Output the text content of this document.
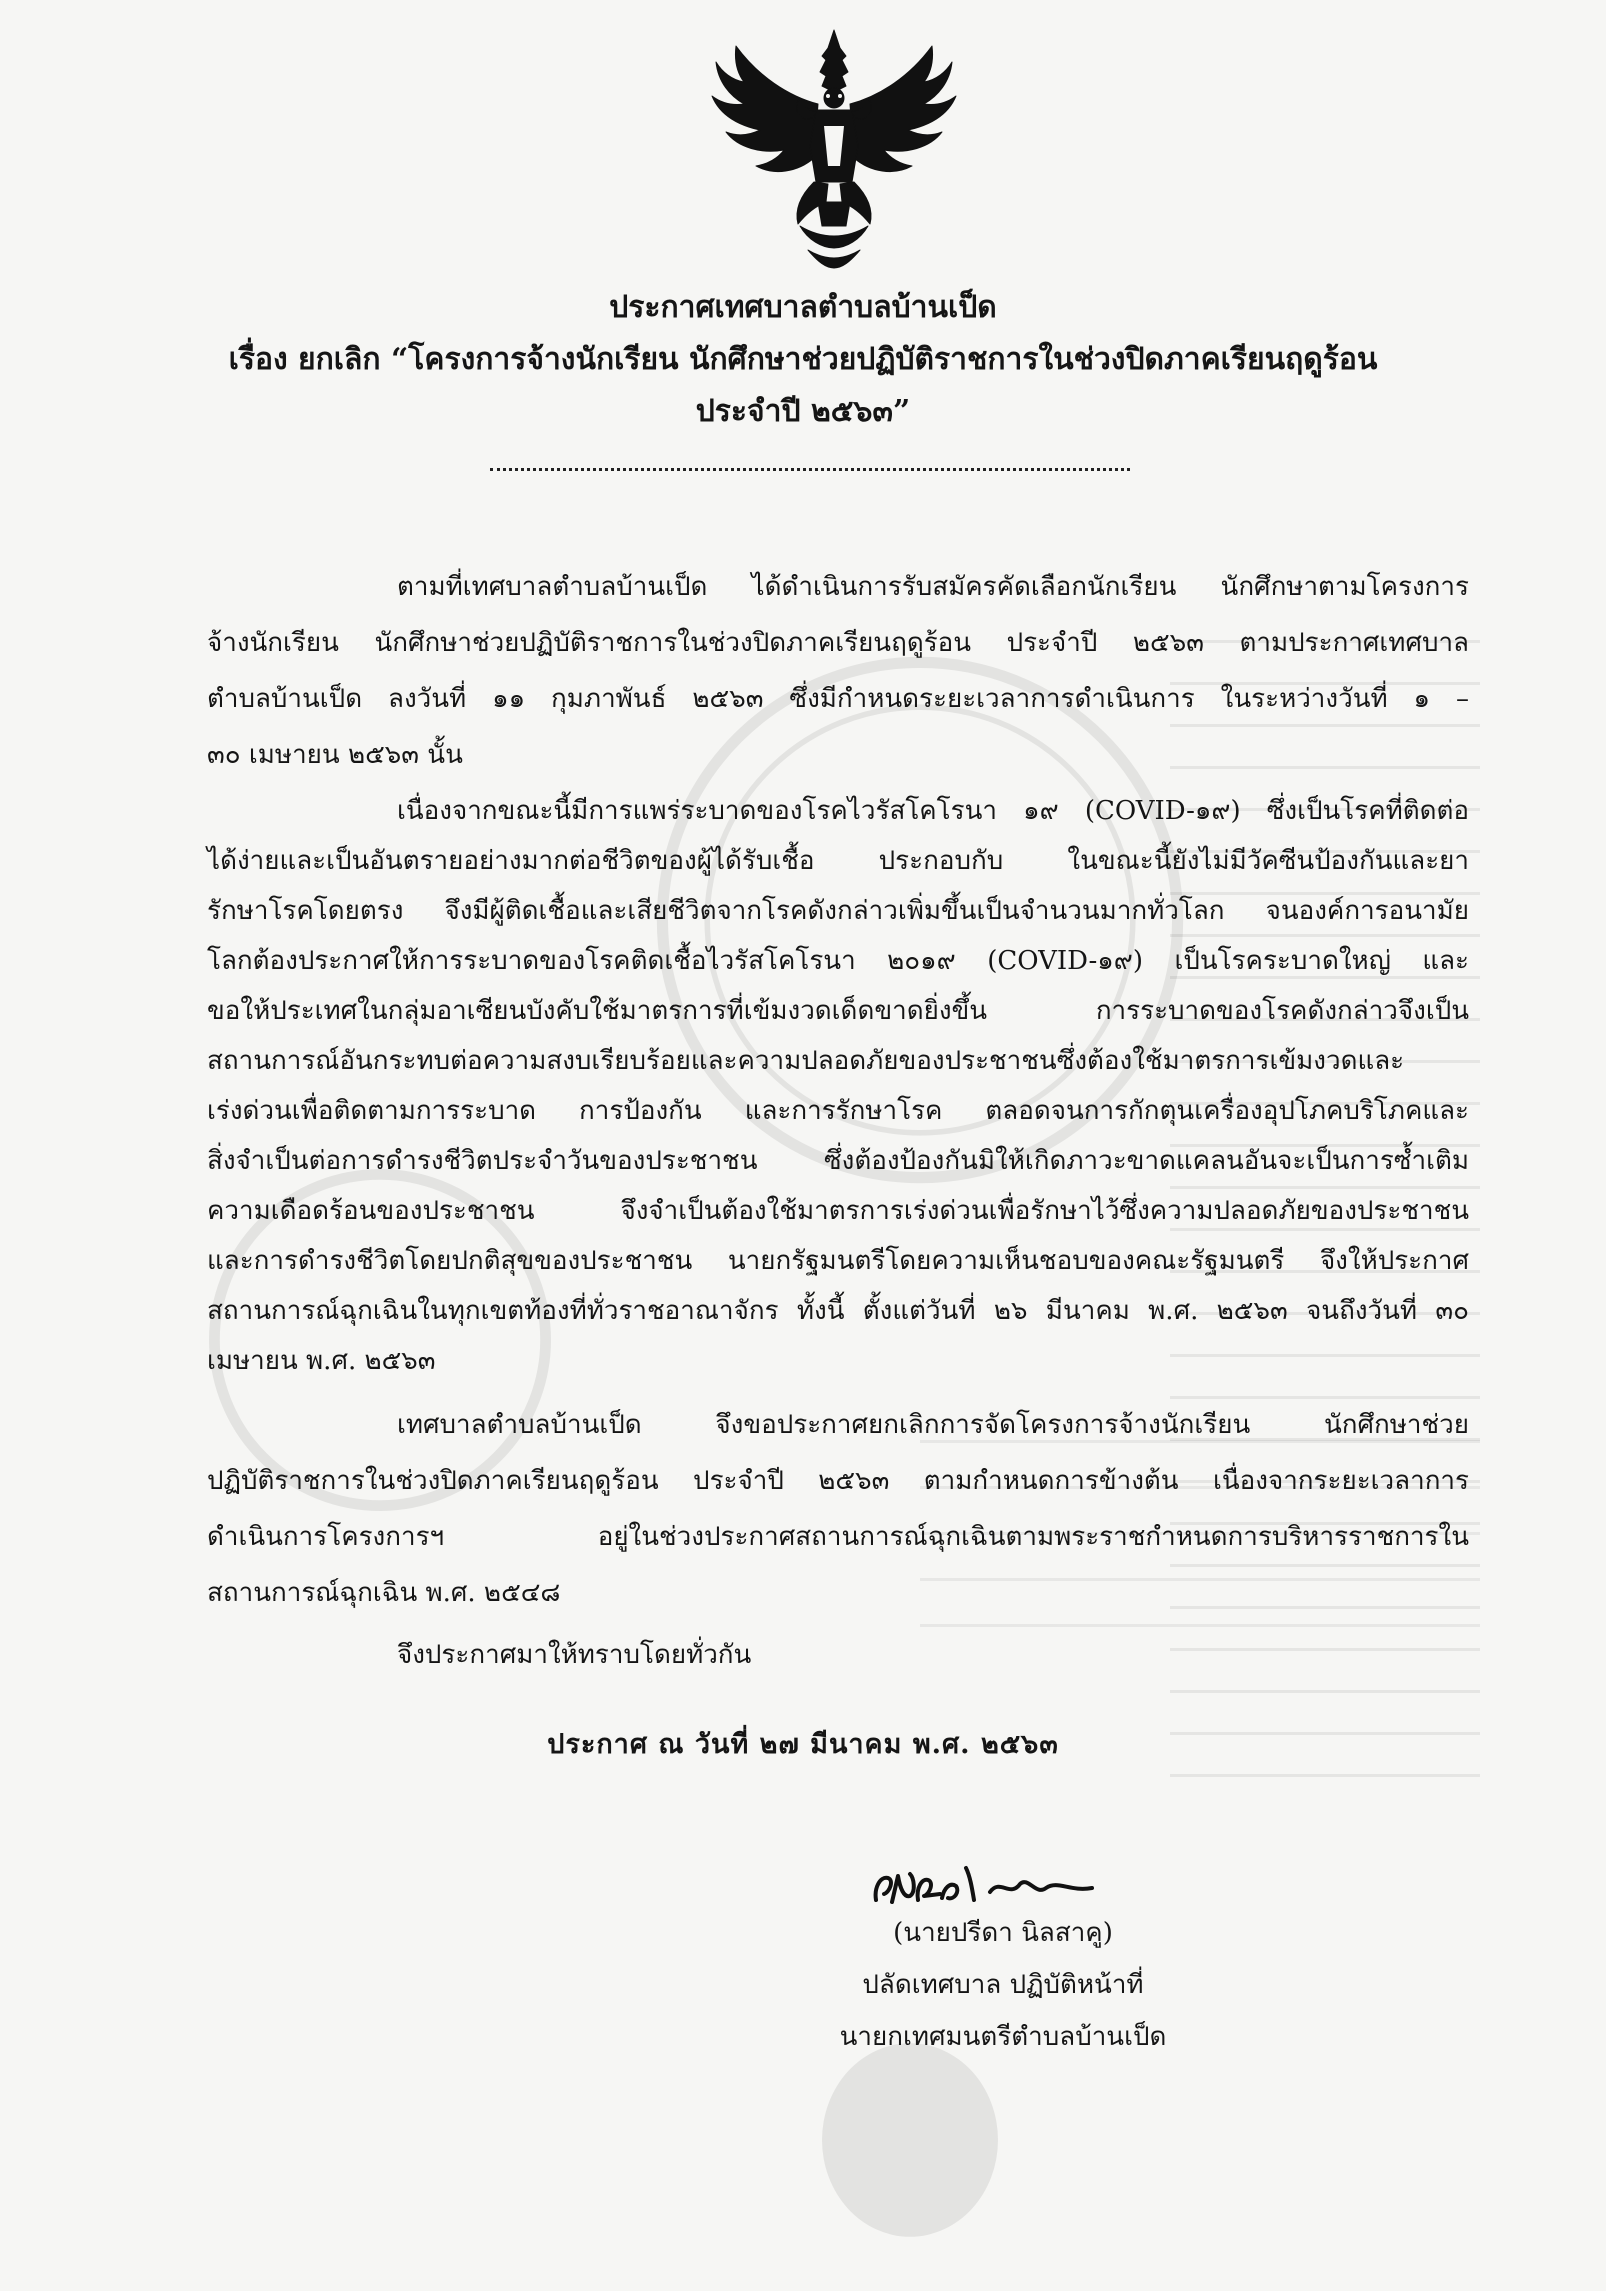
ประกาศเทศบาลตำบลบ้านเป็ด
เรื่อง ยกเลิก “โครงการจ้างนักเรียน นักศึกษาช่วยปฏิบัติราชการในช่วงปิดภาคเรียนฤดูร้อน
ประจำปี ๒๕๖๓”
ตามที่เทศบาลตำบลบ้านเป็ด ได้ดำเนินการรับสมัครคัดเลือกนักเรียน นักศึกษาตามโครงการ
จ้างนักเรียน นักศึกษาช่วยปฏิบัติราชการในช่วงปิดภาคเรียนฤดูร้อน ประจำปี ๒๕๖๓ ตามประกาศเทศบาล
ตำบลบ้านเป็ด ลงวันที่ ๑๑ กุมภาพันธ์ ๒๕๖๓ ซึ่งมีกำหนดระยะเวลาการดำเนินการ ในระหว่างวันที่ ๑ –
๓๐ เมษายน ๒๕๖๓ นั้น
เนื่องจากขณะนี้มีการแพร่ระบาดของโรคไวรัสโคโรนา ๑๙ (COVID-๑๙) ซึ่งเป็นโรคที่ติดต่อ
ได้ง่ายและเป็นอันตรายอย่างมากต่อชีวิตของผู้ได้รับเชื้อ ประกอบกับ ในขณะนี้ยังไม่มีวัคซีนป้องกันและยา
รักษาโรคโดยตรง จึงมีผู้ติดเชื้อและเสียชีวิตจากโรคดังกล่าวเพิ่มขึ้นเป็นจำนวนมากทั่วโลก จนองค์การอนามัย
โลกต้องประกาศให้การระบาดของโรคติดเชื้อไวรัสโคโรนา ๒๐๑๙ (COVID-๑๙) เป็นโรคระบาดใหญ่ และ
ขอให้ประเทศในกลุ่มอาเซียนบังคับใช้มาตรการที่เข้มงวดเด็ดขาดยิ่งขึ้น การระบาดของโรคดังกล่าวจึงเป็น
สถานการณ์อันกระทบต่อความสงบเรียบร้อยและความปลอดภัยของประชาชนซึ่งต้องใช้มาตรการเข้มงวดและ
เร่งด่วนเพื่อติดตามการระบาด การป้องกัน และการรักษาโรค ตลอดจนการกักตุนเครื่องอุปโภคบริโภคและ
สิ่งจำเป็นต่อการดำรงชีวิตประจำวันของประชาชน ซึ่งต้องป้องกันมิให้เกิดภาวะขาดแคลนอันจะเป็นการซ้ำเติม
ความเดือดร้อนของประชาชน จึงจำเป็นต้องใช้มาตรการเร่งด่วนเพื่อรักษาไว้ซึ่งความปลอดภัยของประชาชน
และการดำรงชีวิตโดยปกติสุขของประชาชน นายกรัฐมนตรีโดยความเห็นชอบของคณะรัฐมนตรี จึงให้ประกาศ
สถานการณ์ฉุกเฉินในทุกเขตท้องที่ทั่วราชอาณาจักร ทั้งนี้ ตั้งแต่วันที่ ๒๖ มีนาคม พ.ศ. ๒๕๖๓ จนถึงวันที่ ๓๐
เมษายน พ.ศ. ๒๕๖๓
เทศบาลตำบลบ้านเป็ด จึงขอประกาศยกเลิกการจัดโครงการจ้างนักเรียน นักศึกษาช่วย
ปฏิบัติราชการในช่วงปิดภาคเรียนฤดูร้อน ประจำปี ๒๕๖๓ ตามกำหนดการข้างต้น เนื่องจากระยะเวลาการ
ดำเนินการโครงการฯ อยู่ในช่วงประกาศสถานการณ์ฉุกเฉินตามพระราชกำหนดการบริหารราชการใน
สถานการณ์ฉุกเฉิน พ.ศ. ๒๕๔๘
จึงประกาศมาให้ทราบโดยทั่วกัน
ประกาศ ณ วันที่ ๒๗ มีนาคม พ.ศ. ๒๕๖๓
(นายปรีดา นิลสาคู)
ปลัดเทศบาล ปฏิบัติหน้าที่
นายกเทศมนตรีตำบลบ้านเป็ด
